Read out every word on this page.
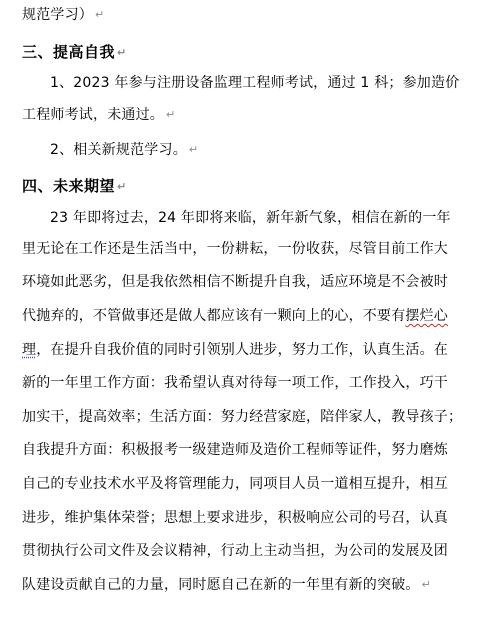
规范学习） ↵
三、提高自我 ↵
1、2023 年参与注册设备监理工程师考试，通过 1 科；参加造价
工程师考试，未通过。 ↵
2、相关新规范学习。 ↵
四、未来期望 ↵
23 年即将过去，24 年即将来临，新年新气象，相信在新的一年
里无论在工作还是生活当中，一份耕耘，一份收获，尽管目前工作大
环境如此恶劣，但是我依然相信不断提升自我，适应环境是不会被时
代抛弃的，不管做事还是做人都应该有一颗向上的心，不要有摆烂心
理，在提升自我价值的同时引领别人进步，努力工作，认真生活。在
新的一年里工作方面：我希望认真对待每一项工作，工作投入，巧干
加实干，提高效率；生活方面：努力经营家庭，陪伴家人，教导孩子；
自我提升方面：积极报考一级建造师及造价工程师等证件，努力磨炼
自己的专业技术水平及将管理能力，同项目人员一道相互提升，相互
进步，维护集体荣誉；思想上要求进步，积极响应公司的号召，认真
贯彻执行公司文件及会议精神，行动上主动当担，为公司的发展及团
队建设贡献自己的力量，同时愿自己在新的一年里有新的突破。 ↵
